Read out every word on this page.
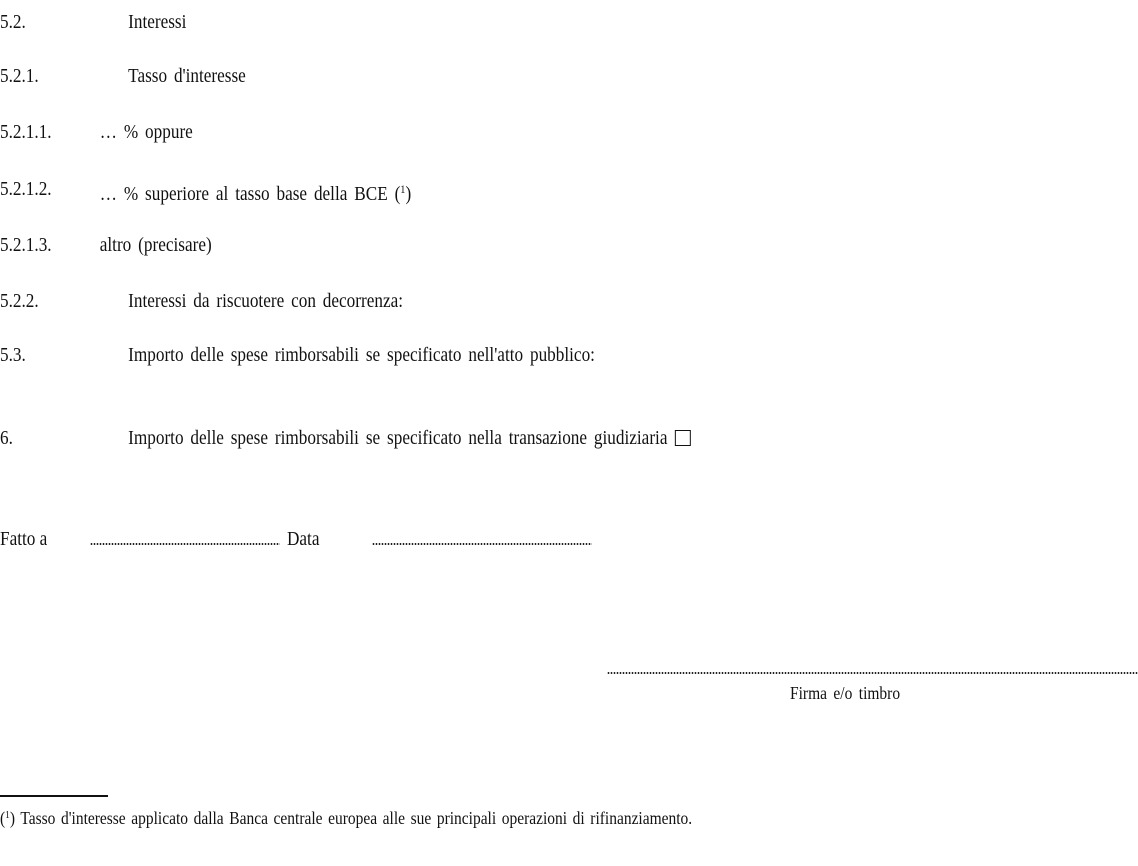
5.2.	Interessi
5.2.1.	Tasso d'interesse
5.2.1.1. … % oppure
5.2.1.2. … % superiore al tasso base della BCE ($^1$)
5.2.1.3. altro (precisare)
5.2.2.	Interessi da riscuotere con decorrenza:
5.3.	Importo delle spese rimborsabili se specificato nell'atto pubblico:
6.	Importo delle spese rimborsabili se specificato nella transazione giudiziaria
Fatto a	Data
Firma e/o timbro
($^1$) Tasso d'interesse applicato dalla Banca centrale europea alle sue principali operazioni di rifinanziamento.
